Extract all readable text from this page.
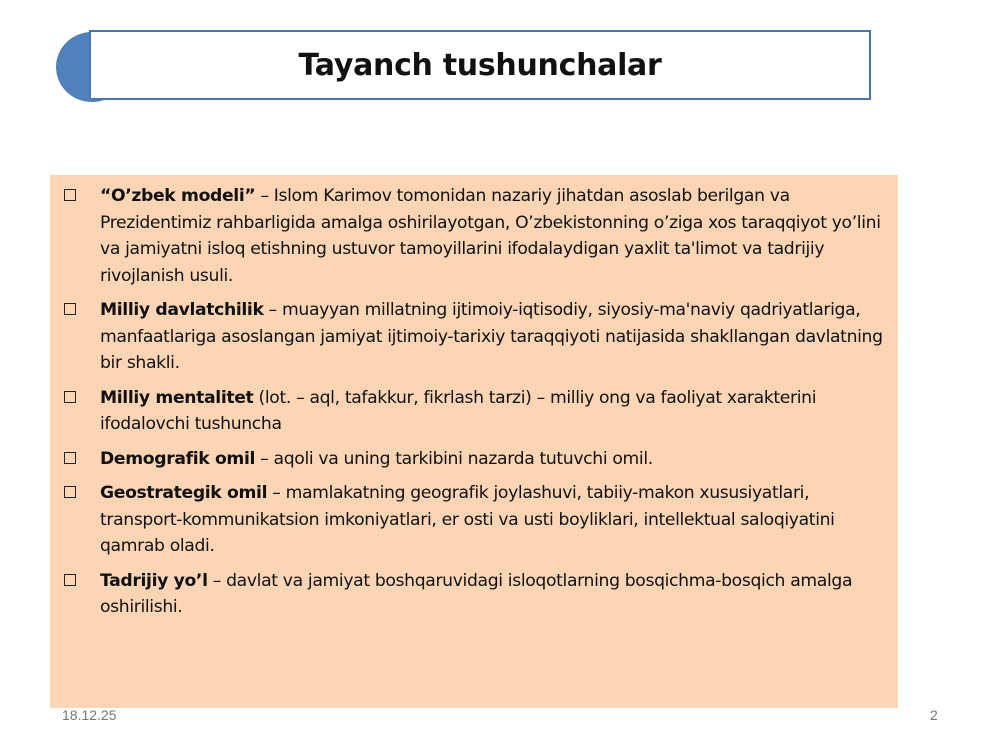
Tayanch tushunchalar
“O’zbek modeli” – Islom Karimov tomonidan nazariy jihatdan asoslab berilgan va Prezidentimiz rahbarligida amalga oshirilayotgan, O’zbekistonning o’ziga xos taraqqiyot yo’lini va jamiyatni isloq etishning ustuvor tamoyillarini ifodalaydigan yaxlit ta'limot va tadrijiy rivojlanish usuli.
Milliy davlatchilik – muayyan millatning ijtimoiy-iqtisodiy, siyosiy-ma'naviy qadriyatlariga, manfaatlariga asoslangan jamiyat ijtimoiy-tarixiy taraqqiyoti natijasida shakllangan davlatning bir shakli.
Milliy mentalitet (lot. – aql, tafakkur, fikrlash tarzi) – milliy ong va faoliyat xarakterini ifodalovchi tushuncha
Demografik omil – aqoli va uning tarkibini nazarda tutuvchi omil.
Geostrategik omil – mamlakatning geografik joylashuvi, tabiiy-makon xususiyatlari, transport-kommunikatsion imkoniyatlari, er osti va usti boyliklari, intellektual saloqiyatini qamrab oladi.
Tadrijiy yo’l – davlat va jamiyat boshqaruvidagi isloqotlarning bosqichma-bosqich amalga oshirilishi.
18.12.25	2
